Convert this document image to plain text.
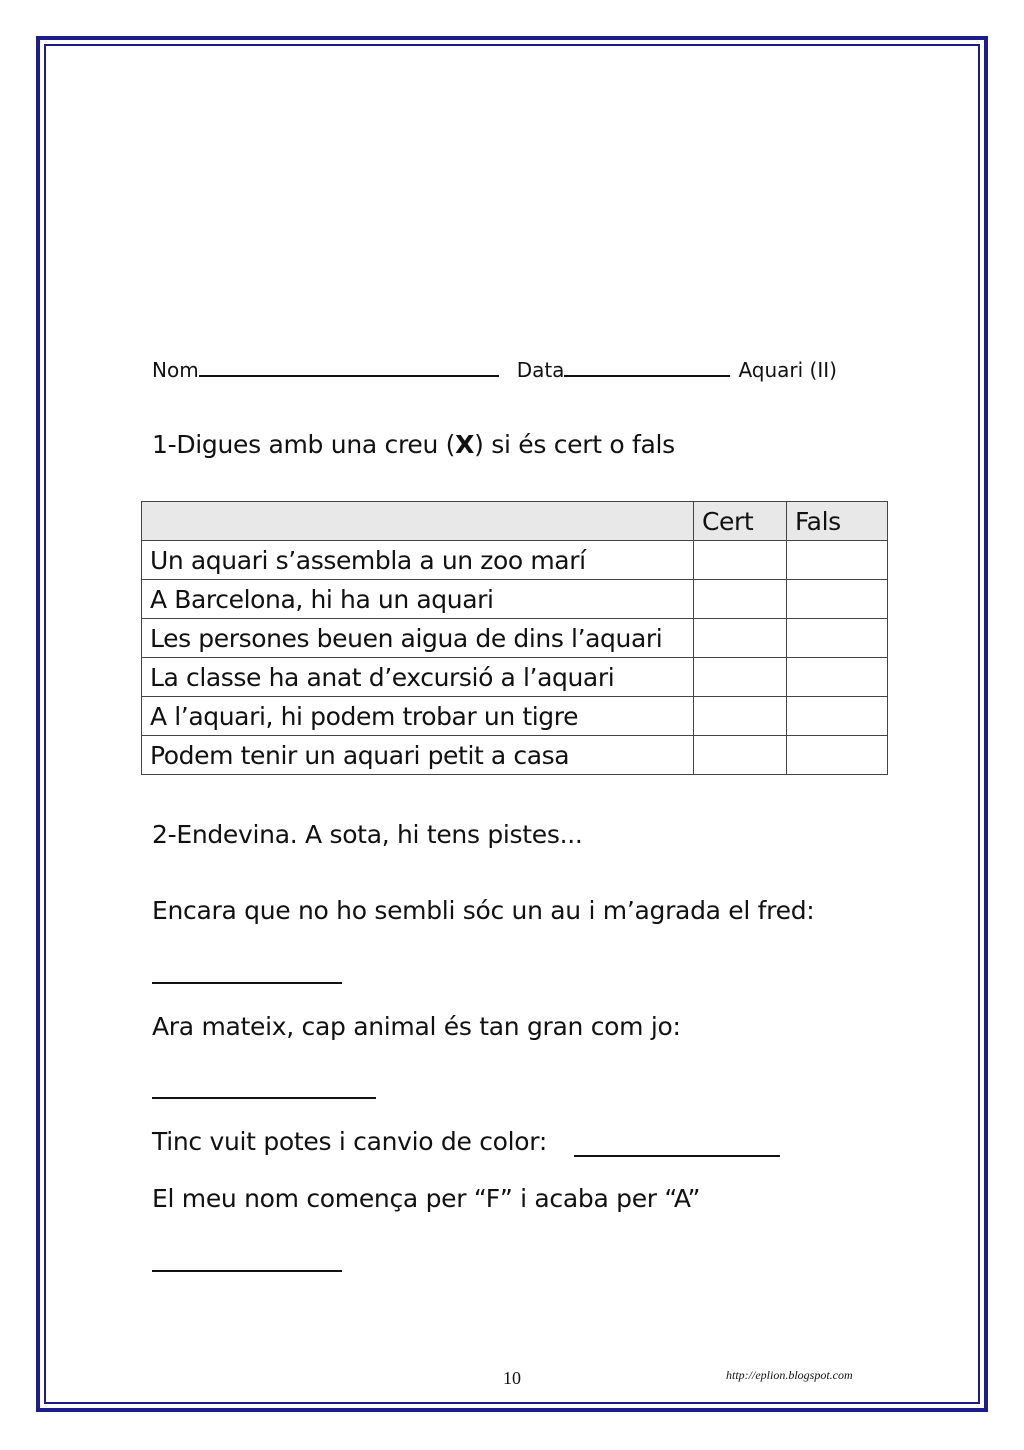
Nom	Data	Aquari (II)
1-Digues amb una creu (X) si és cert o fals
	Cert	Fals
Un aquari s’assembla a un zoo marí		
A Barcelona, hi ha un aquari		
Les persones beuen aigua de dins l’aquari		
La classe ha anat d’excursió a l’aquari		
A l’aquari, hi podem trobar un tigre		
Podem tenir un aquari petit a casa		
2-Endevina. A sota, hi tens pistes...
Encara que no ho sembli sóc un au i m’agrada el fred:
Ara mateix, cap animal és tan gran com jo:
Tinc vuit potes i canvio de color:
El meu nom comença per “F” i acaba per “A”
10	http://eplion.blogspot.com
